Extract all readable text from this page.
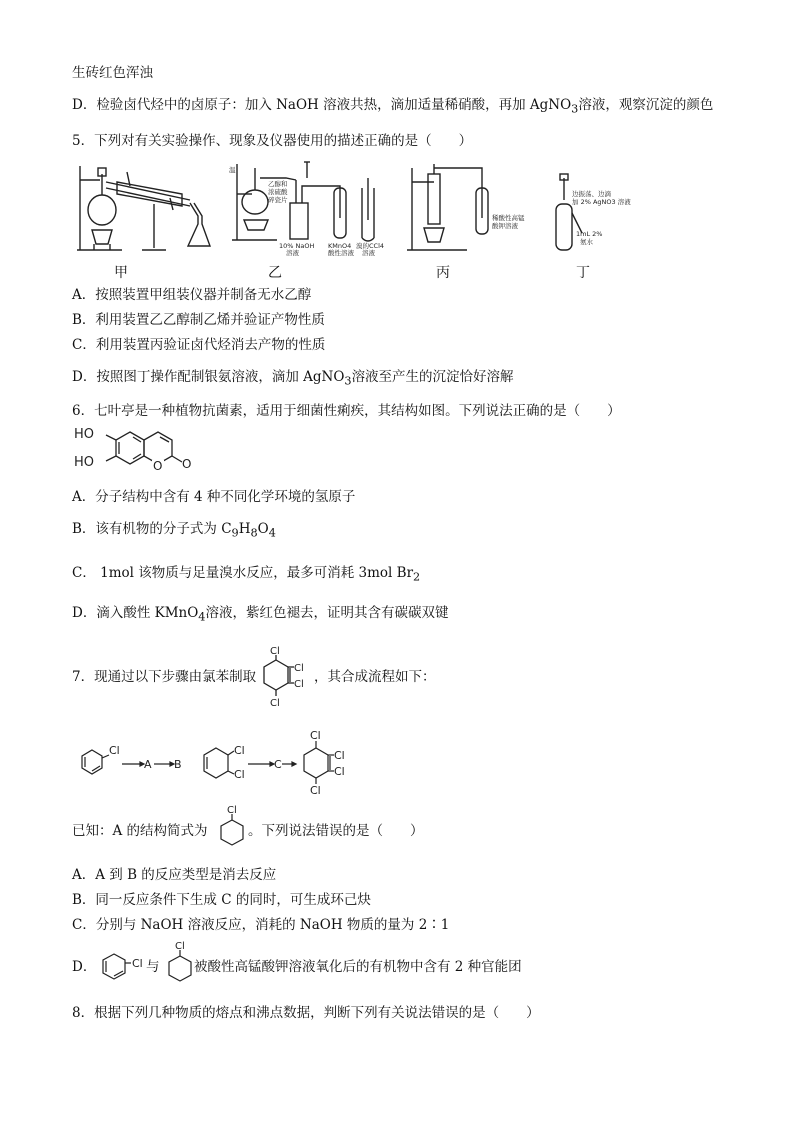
生砖红色浑浊
D．检验卤代烃中的卤原子：加入 NaOH 溶液共热，滴加适量稀硝酸，再加 AgNO$_3$溶液，观察沉淀的颜色
5．下列对有关实验操作、现象及仪器使用的描述正确的是（　　）
乙醇和
浓硫酸
碎瓷片
10% NaOH
溶液
KMnO4
酸性溶液
溴的CCl4
溶液
温
稀酸性高锰
酸钾溶液
边振荡、边滴
加 2% AgNO3 溶液
1mL 2%
氨水
甲	乙	丙	丁
A．按照装置甲组装仪器并制备无水乙醇
B．利用装置乙乙醇制乙烯并验证产物性质
C．利用装置丙验证卤代烃消去产物的性质
D．按照图丁操作配制银氨溶液，滴加 AgNO$_3$溶液至产生的沉淀恰好溶解
6．七叶亭是一种植物抗菌素，适用于细菌性痢疾，其结构如图。下列说法正确的是（　　）
HO
HO	O O
A．分子结构中含有 4 种不同化学环境的氢原子
B．该有机物的分子式为 $C_9H_8O_4$
C． 1mol 该物质与足量溴水反应，最多可消耗 3mol $Br_2$
D．滴入酸性 KMnO$_4$溶液，紫红色褪去，证明其含有碳碳双键
7．现通过以下步骤由氯苯制取
Cl
Cl
Cl
Cl
，其合成流程如下：
Cl
A B
Cl
Cl
C
Cl
Cl
Cl
Cl
已知：A 的结构简式为
Cl
。下列说法错误的是（　　）
A．A 到 B 的反应类型是消去反应
B．同一反应条件下生成 C 的同时，可生成环己炔
C．分别与 NaOH 溶液反应，消耗的 NaOH 物质的量为 2∶1
D．	Cl 与
Cl
被酸性高锰酸钾溶液氧化后的有机物中含有 2 种官能团
8．根据下列几种物质的熔点和沸点数据，判断下列有关说法错误的是（　　）
